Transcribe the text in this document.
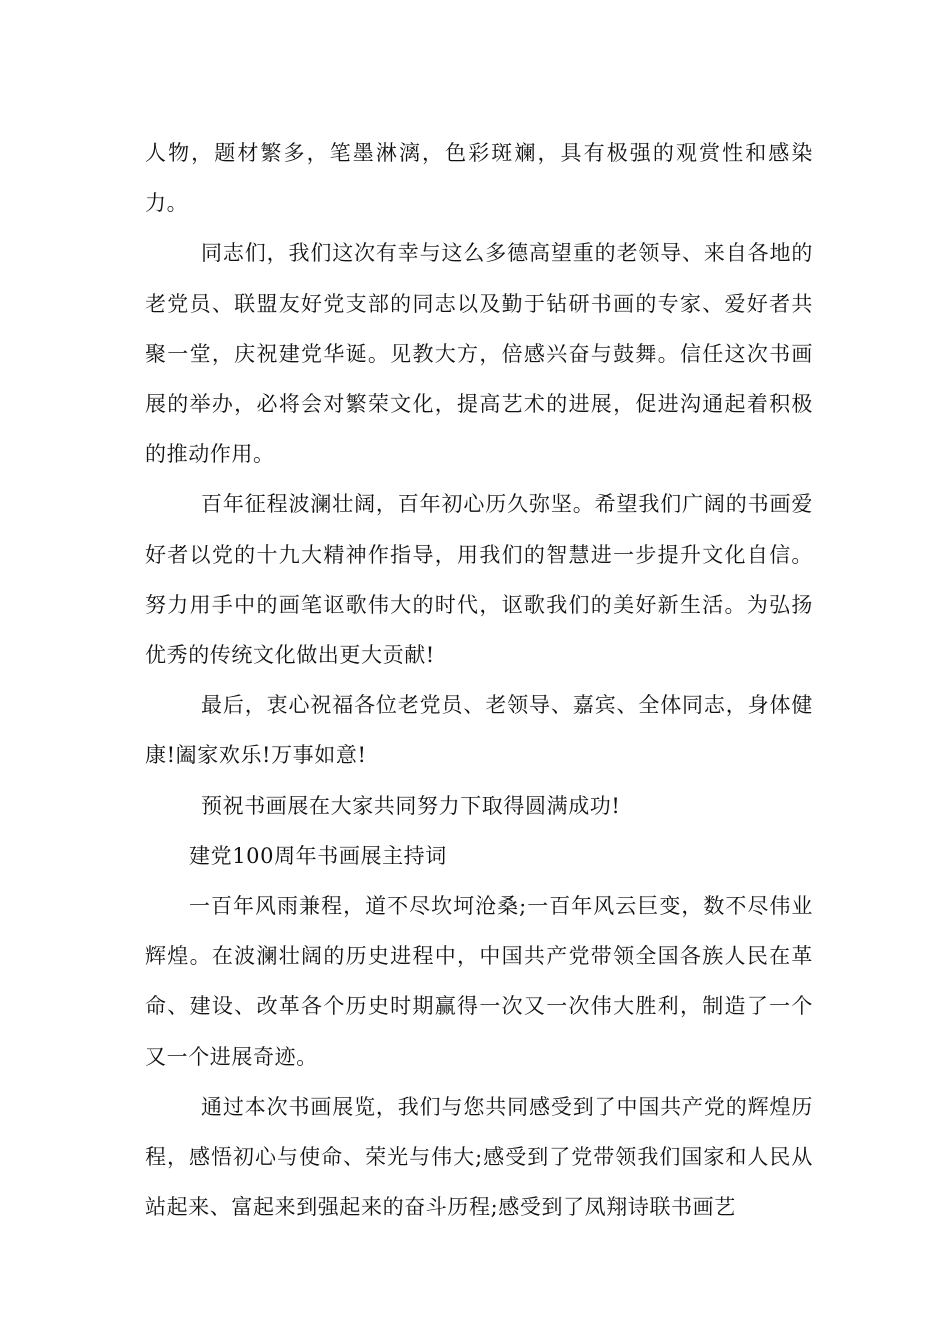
人物，题材繁多，笔墨淋漓，色彩斑斓，具有极强的观赏性和感染力。

同志们，我们这次有幸与这么多德高望重的老领导、来自各地的老党员、联盟友好党支部的同志以及勤于钻研书画的专家、爱好者共聚一堂，庆祝建党华诞。见教大方，倍感兴奋与鼓舞。信任这次书画展的举办，必将会对繁荣文化，提高艺术的进展，促进沟通起着积极的推动作用。

百年征程波澜壮阔，百年初心历久弥坚。希望我们广阔的书画爱好者以党的十九大精神作指导，用我们的智慧进一步提升文化自信。努力用手中的画笔讴歌伟大的时代，讴歌我们的美好新生活。为弘扬优秀的传统文化做出更大贡献!

最后，衷心祝福各位老党员、老领导、嘉宾、全体同志，身体健康!阖家欢乐!万事如意!

预祝书画展在大家共同努力下取得圆满成功!

建党100周年书画展主持词

一百年风雨兼程，道不尽坎坷沧桑;一百年风云巨变，数不尽伟业辉煌。在波澜壮阔的历史进程中，中国共产党带领全国各族人民在革命、建设、改革各个历史时期赢得一次又一次伟大胜利，制造了一个又一个进展奇迹。

通过本次书画展览，我们与您共同感受到了中国共产党的辉煌历程，感悟初心与使命、荣光与伟大;感受到了党带领我们国家和人民从站起来、富起来到强起来的奋斗历程;感受到了凤翔诗联书画艺
